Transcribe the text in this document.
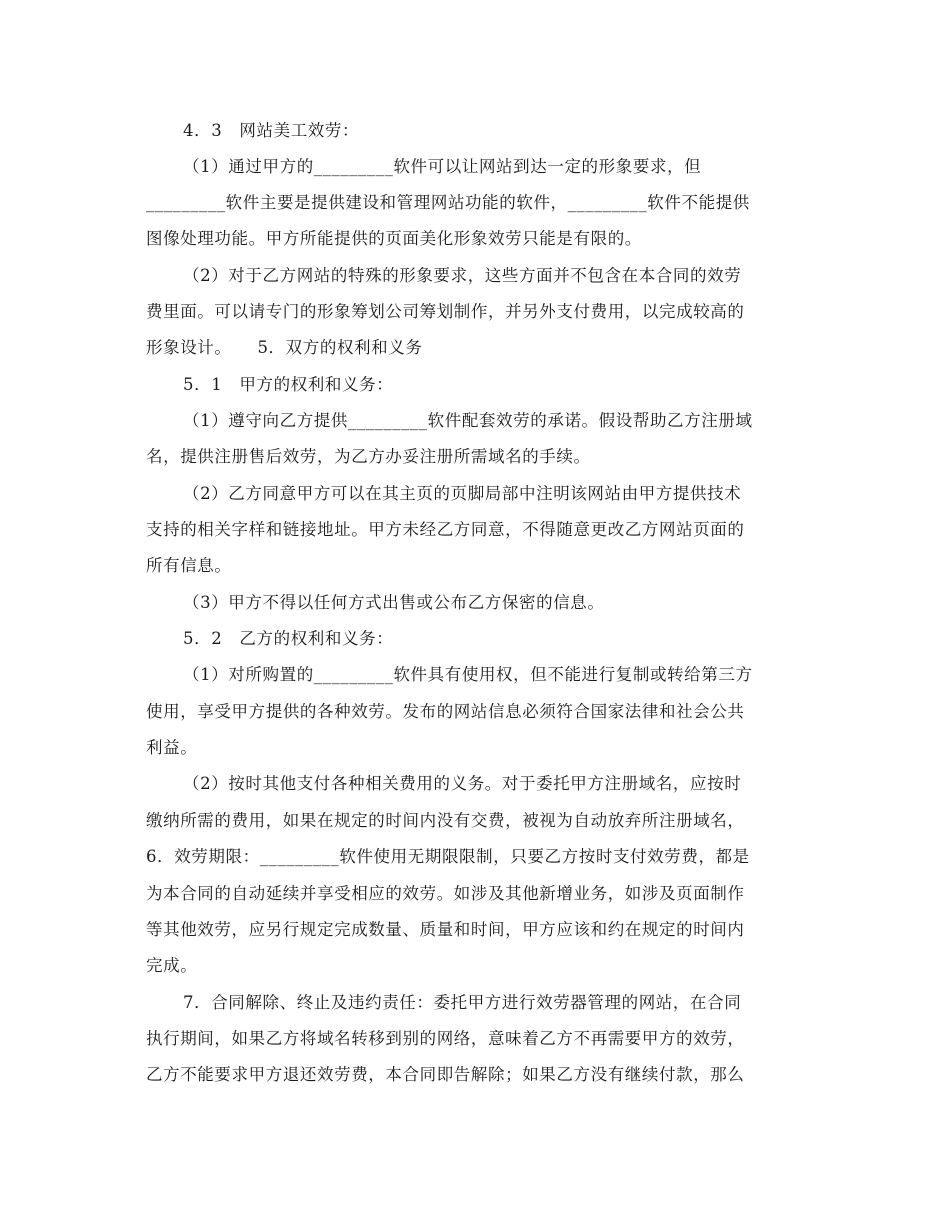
4．3　网站美工效劳：

（1）通过甲方的_________软件可以让网站到达一定的形象要求，但

_________软件主要是提供建设和管理网站功能的软件，_________软件不能提供

图像处理功能。甲方所能提供的页面美化形象效劳只能是有限的。

（2）对于乙方网站的特殊的形象要求，这些方面并不包含在本合同的效劳

费里面。可以请专门的形象筹划公司筹划制作，并另外支付费用，以完成较高的

形象设计。　　5．双方的权利和义务

5．1　甲方的权利和义务：

（1）遵守向乙方提供_________软件配套效劳的承诺。假设帮助乙方注册域

名，提供注册售后效劳，为乙方办妥注册所需域名的手续。

（2）乙方同意甲方可以在其主页的页脚局部中注明该网站由甲方提供技术

支持的相关字样和链接地址。甲方未经乙方同意，不得随意更改乙方网站页面的

所有信息。

（3）甲方不得以任何方式出售或公布乙方保密的信息。

5．2　乙方的权利和义务：

（1）对所购置的_________软件具有使用权，但不能进行复制或转给第三方

使用，享受甲方提供的各种效劳。发布的网站信息必须符合国家法律和社会公共

利益。

（2）按时其他支付各种相关费用的义务。对于委托甲方注册域名，应按时

缴纳所需的费用，如果在规定的时间内没有交费，被视为自动放弃所注册域名，

6．效劳期限：_________软件使用无期限限制，只要乙方按时支付效劳费，都是

为本合同的自动延续并享受相应的效劳。如涉及其他新增业务，如涉及页面制作

等其他效劳，应另行规定完成数量、质量和时间，甲方应该和约在规定的时间内

完成。

7．合同解除、终止及违约责任：委托甲方进行效劳器管理的网站，在合同

执行期间，如果乙方将域名转移到别的网络，意味着乙方不再需要甲方的效劳，

乙方不能要求甲方退还效劳费，本合同即告解除；如果乙方没有继续付款，那么
